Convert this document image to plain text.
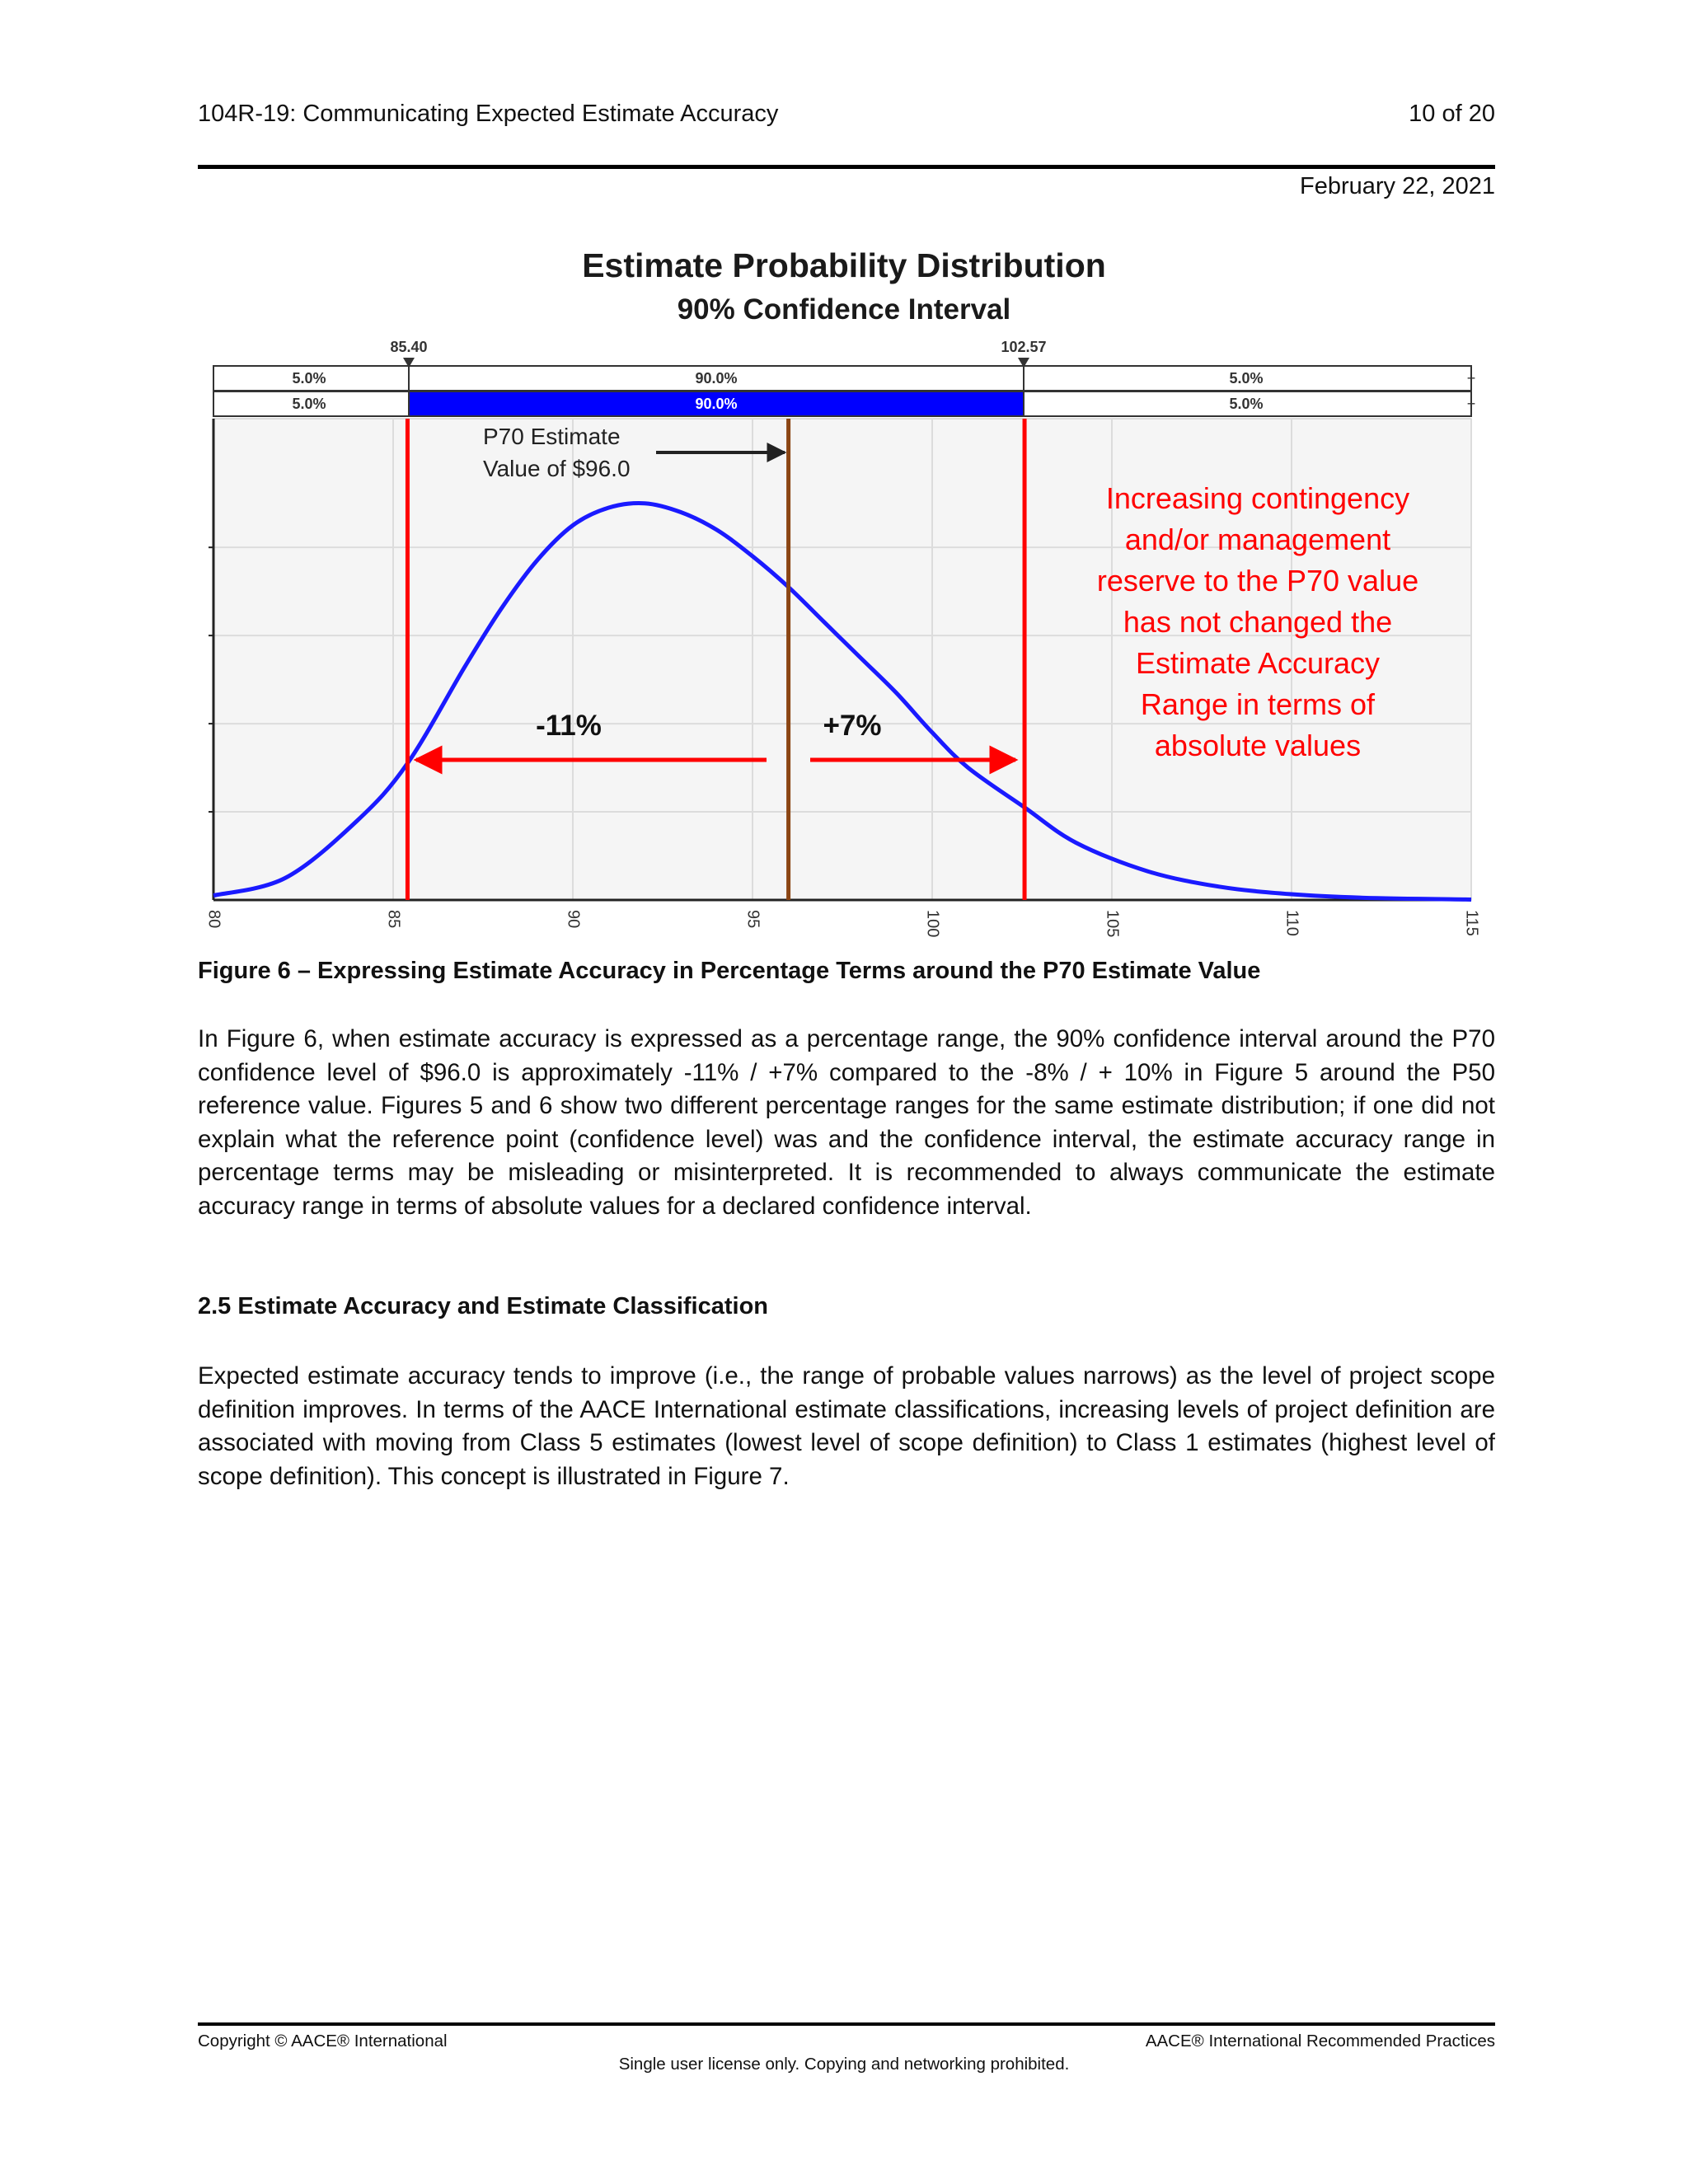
104R-19: Communicating Expected Estimate Accuracy	10 of 20
February 22, 2021
Estimate Probability Distribution
90% Confidence Interval
85.40	102.57
5.0%	90.0%	5.0%
5.0%	90.0%	5.0%
+
+
P70 Estimate
Value of $96.0
-11%	+7%
Increasing contingency
and/or management
reserve to the P70 value
has not changed the
Estimate Accuracy
Range in terms of
absolute values
80	85	90	95	100	105	110	115
Figure 6 – Expressing Estimate Accuracy in Percentage Terms around the P70 Estimate Value

In Figure 6, when estimate accuracy is expressed as a percentage range, the 90% confidence interval around the P70 confidence level of $96.0 is approximately -11% / +7% compared to the -8% / + 10% in Figure 5 around the P50 reference value. Figures 5 and 6 show two different percentage ranges for the same estimate distribution; if one did not explain what the reference point (confidence level) was and the confidence interval, the estimate accuracy range in percentage terms may be misleading or misinterpreted. It is recommended to always communicate the estimate accuracy range in terms of absolute values for a declared confidence interval.

2.5 Estimate Accuracy and Estimate Classification

Expected estimate accuracy tends to improve (i.e., the range of probable values narrows) as the level of project scope definition improves. In terms of the AACE International estimate classifications, increasing levels of project definition are associated with moving from Class 5 estimates (lowest level of scope definition) to Class 1 estimates (highest level of scope definition). This concept is illustrated in Figure 7.

Copyright © AACE® International	AACE® International Recommended Practices
Single user license only. Copying and networking prohibited.
